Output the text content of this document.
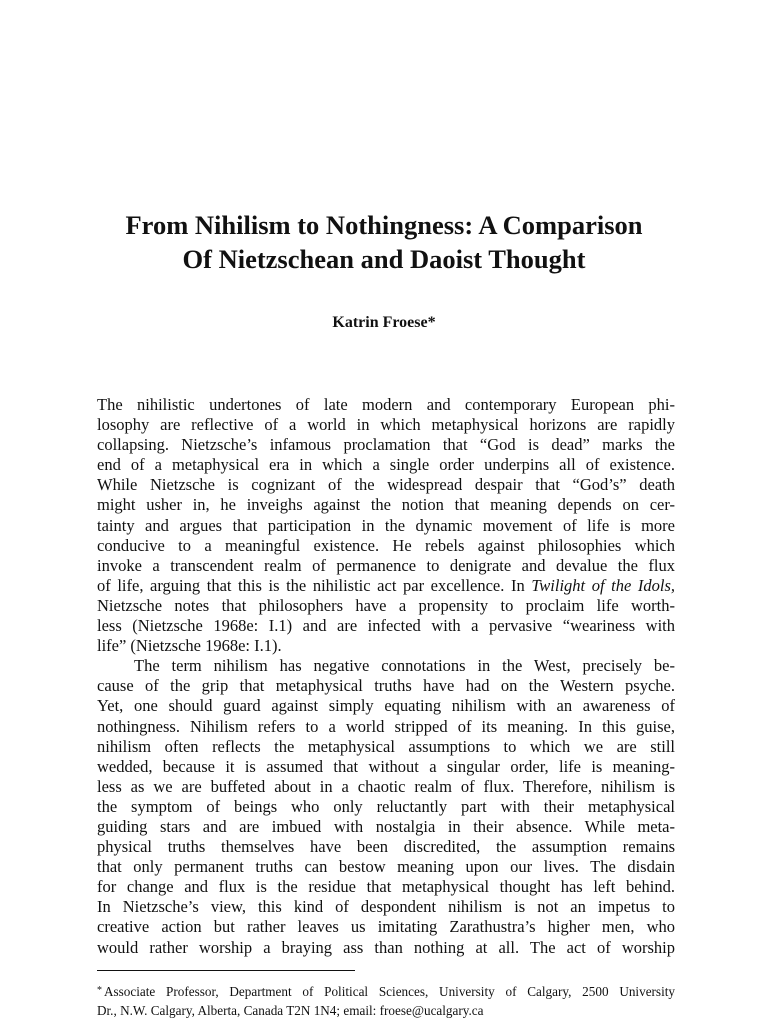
From Nihilism to Nothingness: A Comparison
Of Nietzschean and Daoist Thought
Katrin Froese*
The nihilistic undertones of late modern and contemporary European phi-
losophy are reflective of a world in which metaphysical horizons are rapidly
collapsing. Nietzsche’s infamous proclamation that “God is dead” marks the
end of a metaphysical era in which a single order underpins all of existence.
While Nietzsche is cognizant of the widespread despair that “God’s” death
might usher in, he inveighs against the notion that meaning depends on cer-
tainty and argues that participation in the dynamic movement of life is more
conducive to a meaningful existence. He rebels against philosophies which
invoke a transcendent realm of permanence to denigrate and devalue the flux
of life, arguing that this is the nihilistic act par excellence. In Twilight of the Idols,
Nietzsche notes that philosophers have a propensity to proclaim life worth-
less (Nietzsche 1968e: I.1) and are infected with a pervasive “weariness with
life” (Nietzsche 1968e: I.1).
The term nihilism has negative connotations in the West, precisely be-
cause of the grip that metaphysical truths have had on the Western psyche.
Yet, one should guard against simply equating nihilism with an awareness of
nothingness. Nihilism refers to a world stripped of its meaning. In this guise,
nihilism often reflects the metaphysical assumptions to which we are still
wedded, because it is assumed that without a singular order, life is meaning-
less as we are buffeted about in a chaotic realm of flux. Therefore, nihilism is
the symptom of beings who only reluctantly part with their metaphysical
guiding stars and are imbued with nostalgia in their absence. While meta-
physical truths themselves have been discredited, the assumption remains
that only permanent truths can bestow meaning upon our lives. The disdain
for change and flux is the residue that metaphysical thought has left behind.
In Nietzsche’s view, this kind of despondent nihilism is not an impetus to
creative action but rather leaves us imitating Zarathustra’s higher men, who
would rather worship a braying ass than nothing at all. The act of worship
* Associate Professor, Department of Political Sciences, University of Calgary, 2500 University
Dr., N.W. Calgary, Alberta, Canada T2N 1N4; email: froese@ucalgary.ca
